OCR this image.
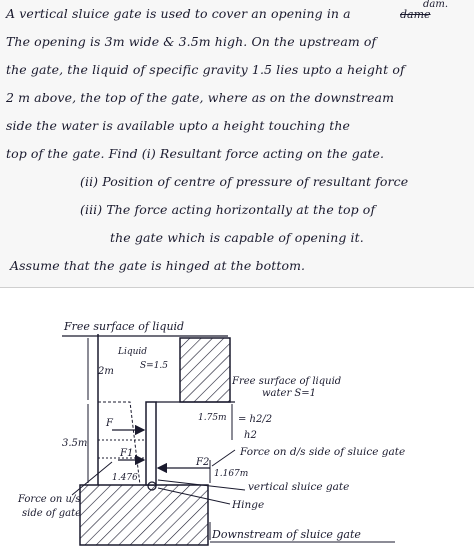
A vertical sluice gate is used to cover an opening in a	dame
dam.
The opening is 3m wide & 3.5m high. On the upstream of
the gate, the liquid of specific gravity 1.5 lies upto a height of
2 m above, the top of the gate, where as on the downstream
side the water is available upto a height touching the
top of the gate. Find (i) Resultant force acting on the gate.
(ii) Position of centre of pressure of resultant force
(iii) The force acting horizontally at the top of
the gate which is capable of opening it.
Assume that the gate is hinged at the bottom.
Free surface of liquid
Liquid
S=1.5
2m
3.5m
Free surface of liquid
water S=1
1.75m = h2/2
h2
Force on d/s side of sluice gate
F
F1
F2
1.476	1.167m
vertical sluice gate
Hinge
Force on u/s
side of gate
Downstream of sluice gate
